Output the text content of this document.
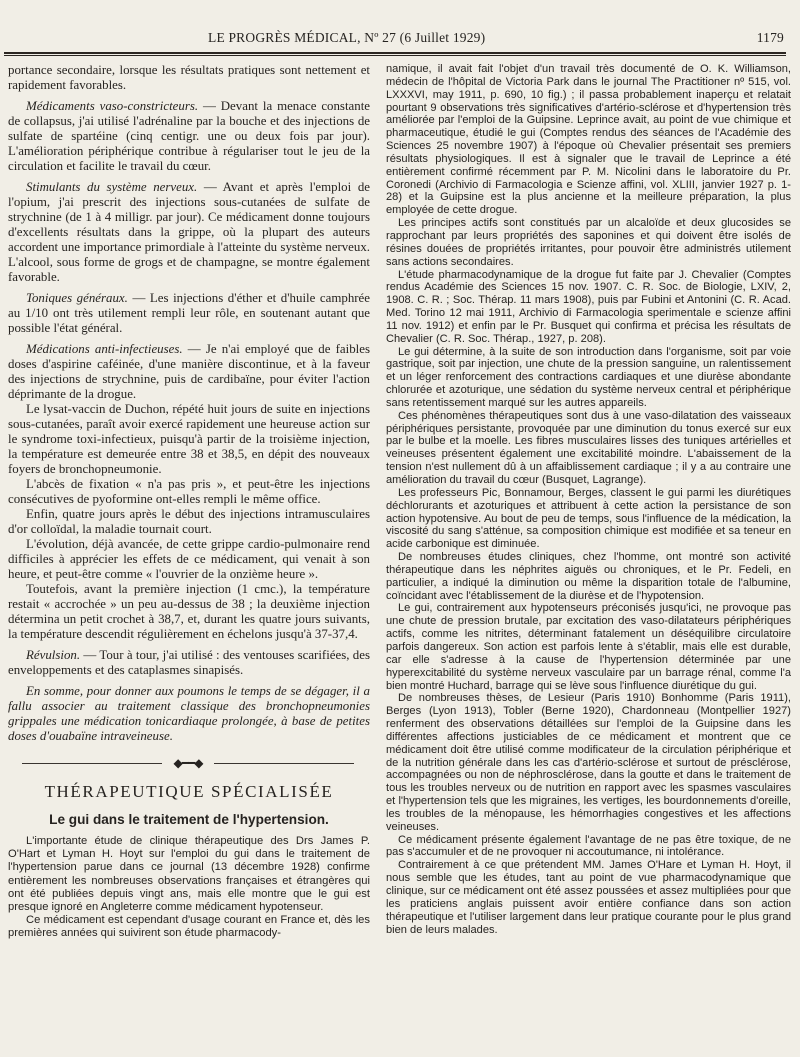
LE PROGRÈS MÉDICAL, Nº 27 (6 Juillet 1929)	1179

portance secondaire, lorsque les résultats pratiques sont nettement et rapidement favorables.

Médicaments vaso-constricteurs. — Devant la menace constante de collapsus, j'ai utilisé l'adrénaline par la bouche et des injections de sulfate de spartéine (cinq centigr. une ou deux fois par jour). L'amélioration périphérique contribue à régulariser tout le jeu de la circulation et facilite le travail du cœur.

Stimulants du système nerveux. — Avant et après l'emploi de l'opium, j'ai prescrit des injections sous-cutanées de sulfate de strychnine (de 1 à 4 milligr. par jour). Ce médicament donne toujours d'excellents résultats dans la grippe, où la plupart des auteurs accordent une importance primordiale à l'atteinte du système nerveux. L'alcool, sous forme de grogs et de champagne, se montre également favorable.

Toniques généraux. — Les injections d'éther et d'huile camphrée au 1/10 ont très utilement rempli leur rôle, en soutenant autant que possible l'état général.

Médications anti-infectieuses. — Je n'ai employé que de faibles doses d'aspirine caféinée, d'une manière discontinue, et à la faveur des injections de strychnine, puis de cardibaïne, pour éviter l'action déprimante de la drogue.

Le lysat-vaccin de Duchon, répété huit jours de suite en injections sous-cutanées, paraît avoir exercé rapidement une heureuse action sur le syndrome toxi-infectieux, puisqu'à partir de la troisième injection, la température est demeurée entre 38 et 38,5, en dépit des nouveaux foyers de bronchopneumonie.

L'abcès de fixation « n'a pas pris », et peut-être les injections consécutives de pyoformine ont-elles rempli le même office.

Enfin, quatre jours après le début des injections intramusculaires d'or colloïdal, la maladie tournait court.

L'évolution, déjà avancée, de cette grippe cardio-pulmonaire rend difficiles à apprécier les effets de ce médicament, qui venait à son heure, et peut-être comme « l'ouvrier de la onzième heure ».

Toutefois, avant la première injection (1 cmc.), la température restait « accrochée » un peu au-dessus de 38 ; la deuxième injection détermina un petit crochet à 38,7, et, durant les quatre jours suivants, la température descendit régulièrement en échelons jusqu'à 37-37,4.

Révulsion. — Tour à tour, j'ai utilisé : des ventouses scarifiées, des enveloppements et des cataplasmes sinapisés.

En somme, pour donner aux poumons le temps de se dégager, il a fallu associer au traitement classique des bronchopneumonies grippales une médication tonicardiaque prolongée, à base de petites doses d'ouabaïne intraveineuse.

◆━━◆
THÉRAPEUTIQUE SPÉCIALISÉE
Le gui dans le traitement de l'hypertension.

L'importante étude de clinique thérapeutique des Drs James P. O'Hart et Lyman H. Hoyt sur l'emploi du gui dans le traitement de l'hypertension parue dans ce journal (13 décembre 1928) confirme entièrement les nombreuses observations françaises et étrangères qui ont été publiées depuis vingt ans, mais elle montre que le gui est presque ignoré en Angleterre comme médicament hypotenseur.

Ce médicament est cependant d'usage courant en France et, dès les premières années qui suivirent son étude pharmacody-

namique, il avait fait l'objet d'un travail très documenté de O. K. Williamson, médecin de l'hôpital de Victoria Park dans le journal The Practitioner nº 515, vol. LXXXVI, may 1911, p. 690, 10 fig.) ; il passa probablement inaperçu et relatait pourtant 9 observations très significatives d'artério-sclérose et d'hypertension très améliorée par l'emploi de la Guipsine. Leprince avait, au point de vue chimique et pharmaceutique, étudié le gui (Comptes rendus des séances de l'Académie des Sciences 25 novembre 1907) à l'époque où Chevalier présentait ses premiers résultats physiologiques. Il est à signaler que le travail de Leprince a été entièrement confirmé récemment par P. M. Nicolini dans le laboratoire du Pr. Coronedi (Archivio di Farmacologia e Scienze affini, vol. XLIII, janvier 1927 p. 1-28) et la Guipsine est la plus ancienne et la meilleure préparation, la plus employée de cette drogue.

Les principes actifs sont constitués par un alcaloïde et deux glucosides se rapprochant par leurs propriétés des saponines et qui doivent être isolés de résines douées de propriétés irritantes, pour pouvoir être administrés utilement sans actions secondaires.

L'étude pharmacodynamique de la drogue fut faite par J. Chevalier (Comptes rendus Académie des Sciences 15 nov. 1907. C. R. Soc. de Biologie, LXIV, 2, 1908. C. R. ; Soc. Thérap. 11 mars 1908), puis par Fubini et Antonini (C. R. Acad. Med. Torino 12 mai 1911, Archivio di Farmacologia sperimentale e scienze affini 11 nov. 1912) et enfin par le Pr. Busquet qui confirma et précisa les résultats de Chevalier (C. R. Soc. Thérap., 1927, p. 208).

Le gui détermine, à la suite de son introduction dans l'organisme, soit par voie gastrique, soit par injection, une chute de la pression sanguine, un ralentissement et un léger renforcement des contractions cardiaques et une diurèse abondante chlorurée et azoturique, une sédation du système nerveux central et périphérique sans retentissement marqué sur les autres appareils.

Ces phénomènes thérapeutiques sont dus à une vaso-dilatation des vaisseaux périphériques persistante, provoquée par une diminution du tonus exercé sur eux par le bulbe et la moelle. Les fibres musculaires lisses des tuniques artérielles et veineuses présentent également une excitabilité moindre. L'abaissement de la tension n'est nullement dû à un affaiblissement cardiaque ; il y a au contraire une amélioration du travail du cœur (Busquet, Lagrange).

Les professeurs Pic, Bonnamour, Berges, classent le gui parmi les diurétiques déchlorurants et azoturiques et attribuent à cette action la persistance de son action hypotensive. Au bout de peu de temps, sous l'influence de la médication, la viscosité du sang s'atténue, sa composition chimique est modifiée et sa teneur en acide carbonique est diminuée.

De nombreuses études cliniques, chez l'homme, ont montré son activité thérapeutique dans les néphrites aiguës ou chroniques, et le Pr. Fedeli, en particulier, a indiqué la diminution ou même la disparition totale de l'albumine, coïncidant avec l'établissement de la diurèse et de l'hypotension.

Le gui, contrairement aux hypotenseurs préconisés jusqu'ici, ne provoque pas une chute de pression brutale, par excitation des vaso-dilatateurs périphériques actifs, comme les nitrites, déterminant fatalement un déséquilibre circulatoire parfois dangereux. Son action est parfois lente à s'établir, mais elle est durable, car elle s'adresse à la cause de l'hypertension déterminée par une hyperexcitabilité du système nerveux vasculaire par un barrage rénal, comme l'a bien montré Huchard, barrage qui se lève sous l'influence diurétique du gui.

De nombreuses thèses, de Lesieur (Paris 1910) Bonhomme (Paris 1911), Berges (Lyon 1913), Tobler (Berne 1920), Chardonneau (Montpellier 1927) renferment des observations détaillées sur l'emploi de la Guipsine dans les différentes affections justiciables de ce médicament et montrent que ce médicament doit être utilisé comme modificateur de la circulation périphérique et de la nutrition générale dans les cas d'artério-sclérose et surtout de présclérose, accompagnées ou non de néphrosclérose, dans la goutte et dans le traitement de tous les troubles nerveux ou de nutrition en rapport avec les spasmes vasculaires et l'hypertension tels que les migraines, les vertiges, les bourdonnements d'oreille, les troubles de la ménopause, les hémorrhagies congestives et les affections veineuses.

Ce médicament présente également l'avantage de ne pas être toxique, de ne pas s'accumuler et de ne provoquer ni accoutumance, ni intolérance.

Contrairement à ce que prétendent MM. James O'Hare et Lyman H. Hoyt, il nous semble que les études, tant au point de vue pharmacodynamique que clinique, sur ce médicament ont été assez poussées et assez multipliées pour que les praticiens anglais puissent avoir entière confiance dans son action thérapeutique et l'utiliser largement dans leur pratique courante pour le plus grand bien de leurs malades.
